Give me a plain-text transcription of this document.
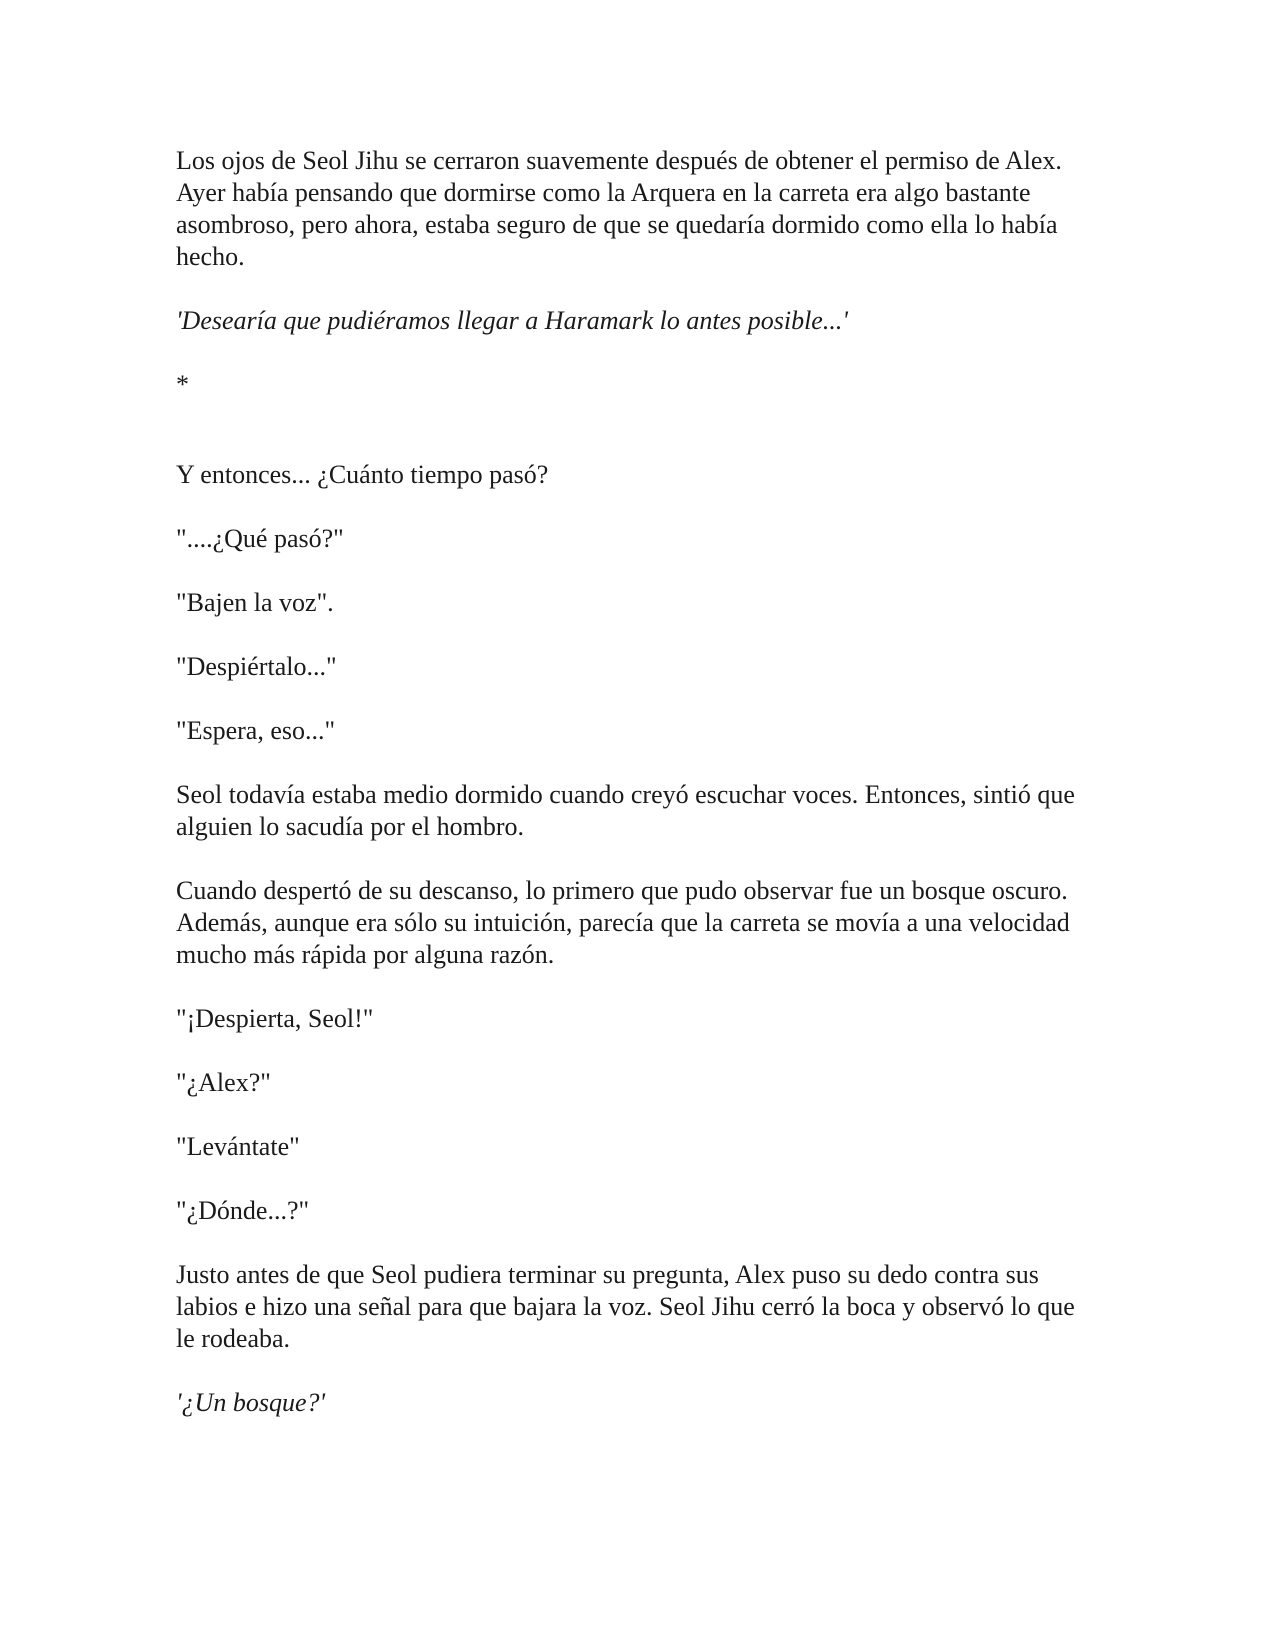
Los ojos de Seol Jihu se cerraron suavemente después de obtener el permiso de Alex. Ayer había pensando que dormirse como la Arquera en la carreta era algo bastante asombroso, pero ahora, estaba seguro de que se quedaría dormido como ella lo había hecho.

'Desearía que pudiéramos llegar a Haramark lo antes posible...'

*

Y entonces... ¿Cuánto tiempo pasó?

"....¿Qué pasó?"

"Bajen la voz".

"Despiértalo..."

"Espera, eso..."

Seol todavía estaba medio dormido cuando creyó escuchar voces. Entonces, sintió que alguien lo sacudía por el hombro.

Cuando despertó de su descanso, lo primero que pudo observar fue un bosque oscuro. Además, aunque era sólo su intuición, parecía que la carreta se movía a una velocidad mucho más rápida por alguna razón.

"¡Despierta, Seol!"

"¿Alex?"

"Levántate"

"¿Dónde...?"

Justo antes de que Seol pudiera terminar su pregunta, Alex puso su dedo contra sus labios e hizo una señal para que bajara la voz. Seol Jihu cerró la boca y observó lo que le rodeaba.

'¿Un bosque?'
